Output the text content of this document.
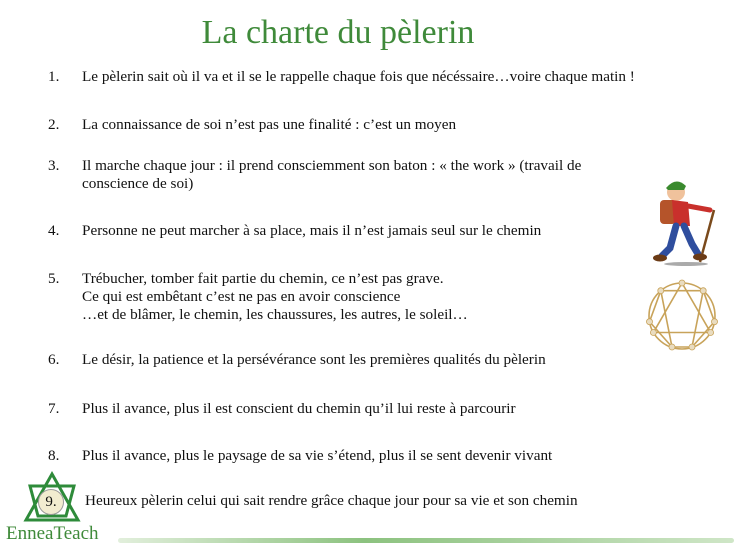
La charte du pèlerin
1.	Le pèlerin sait où il va et il se le rappelle chaque fois que nécéssaire…voire chaque matin !
2.	La connaissance de soi n’est pas une finalité : c’est un moyen
3.	Il marche chaque jour : il prend consciemment son baton : « the work » (travail de
conscience de soi)
4.	Personne ne peut marcher à sa place, mais il n’est jamais seul sur le chemin
5.	Trébucher, tomber fait partie du chemin, ce n’est pas grave.
Ce qui est embêtant c’est ne pas en avoir conscience
…et de blâmer, le chemin, les chaussures, les autres, le soleil…
6.	Le désir, la patience et la persévérance sont les premières qualités du pèlerin
7.	Plus il avance, plus il est conscient du chemin qu’il lui reste à parcourir
8.	Plus il avance, plus le paysage de sa vie s’étend, plus il se sent devenir vivant
9.	Heureux pèlerin celui qui sait rendre grâce chaque jour pour sa vie et son chemin
EnneaTeach
